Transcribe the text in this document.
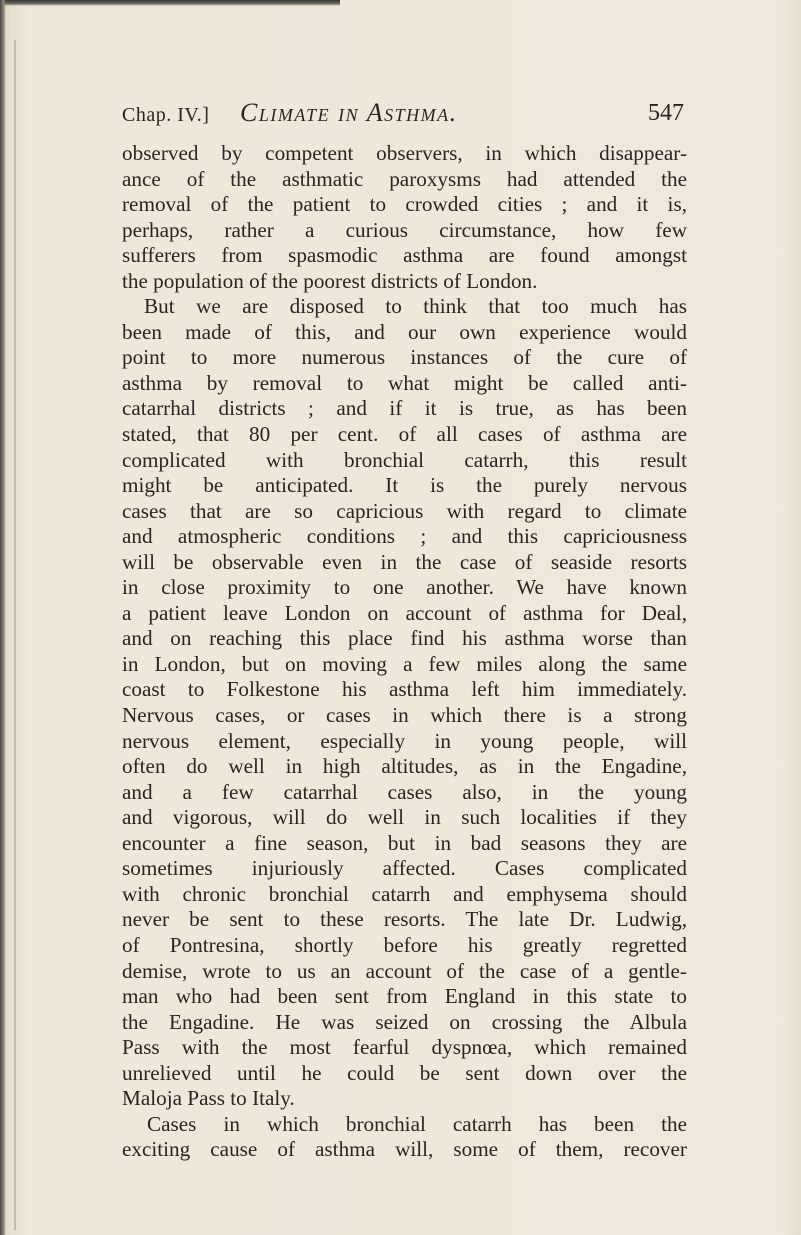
Chap. IV.] Climate in Asthma.	547
observed by competent observers, in which disappear-
ance of the asthmatic paroxysms had attended the
removal of the patient to crowded cities ; and it is,
perhaps, rather a curious circumstance, how few
sufferers from spasmodic asthma are found amongst
the population of the poorest districts of London.
But we are disposed to think that too much has
been made of this, and our own experience would
point to more numerous instances of the cure of
asthma by removal to what might be called anti-
catarrhal districts ; and if it is true, as has been
stated, that 80 per cent. of all cases of asthma are
complicated with bronchial catarrh, this result
might be anticipated. It is the purely nervous
cases that are so capricious with regard to climate
and atmospheric conditions ; and this capriciousness
will be observable even in the case of seaside resorts
in close proximity to one another. We have known
a patient leave London on account of asthma for Deal,
and on reaching this place find his asthma worse than
in London, but on moving a few miles along the same
coast to Folkestone his asthma left him immediately.
Nervous cases, or cases in which there is a strong
nervous element, especially in young people, will
often do well in high altitudes, as in the Engadine,
and a few catarrhal cases also, in the young
and vigorous, will do well in such localities if they
encounter a fine season, but in bad seasons they are
sometimes injuriously affected. Cases complicated
with chronic bronchial catarrh and emphysema should
never be sent to these resorts. The late Dr. Ludwig,
of Pontresina, shortly before his greatly regretted
demise, wrote to us an account of the case of a gentle-
man who had been sent from England in this state to
the Engadine. He was seized on crossing the Albula
Pass with the most fearful dyspnœa, which remained
unrelieved until he could be sent down over the
Maloja Pass to Italy.
Cases in which bronchial catarrh has been the
exciting cause of asthma will, some of them, recover
